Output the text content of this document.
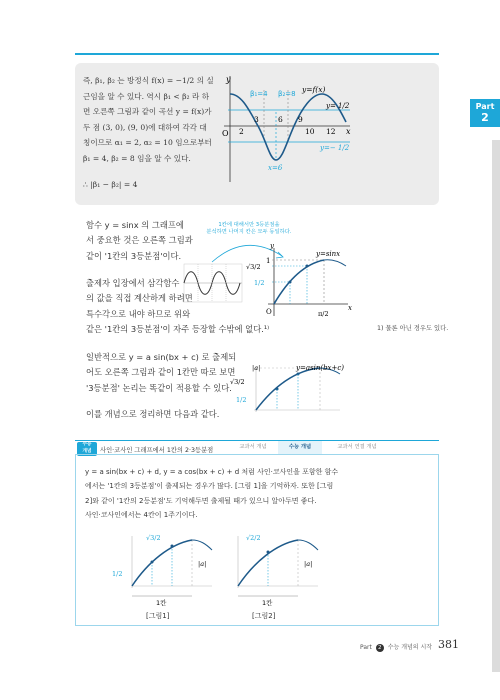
Part
2
즉, β₁, β₂ 는 방정식 f(x) = −1/2 의 실
근임을 알 수 있다. 역시 β₁ < β₂ 라 하
면 오른쪽 그림과 같이 곡선 y = f(x)가
두 점 (3, 0), (9, 0)에 대하여 각각 대
칭이므로 α₁ = 2, α₂ = 10 임으로부터
β₁ = 4, β₂ = 8 임을 알 수 있다.
∴ |β₁ − β₂| = 4
y
x
O
y=f(x)
β₁=4 β₂=8
y= 1/2
y=− 1/2
x=6
2
3	6 9
10 12
함수 y = sinx 의 그래프에
서 중요한 것은 오른쪽 그림과
같이 '1칸의 3등분점'이다.
출제자 입장에서 삼각함수
의 값을 직접 계산하게 하려면
특수각으로 내야 하므로 위와
같은 '1칸의 3등분점'이 자주 등장할 수밖에 없다.¹⁾	1) 물론 아닌 경우도 있다.
1칸에 대해서만 3등분점을
분석하면 나머지 칸은 모두 동일하다.
y
x
O
y=sinx
1
√3/2
1/2
π/2
일반적으로 y = a sin(bx + c) 로 출제되
어도 오른쪽 그림과 같이 1칸만 따로 보면
'3등분점' 논리는 똑같이 적용할 수 있다.
이를 개념으로 정리하면 다음과 같다.
y=asin(bx+c)
|a|
√3/2
1/2
수능
개념	사인·코사인 그래프에서 1칸의 2·3등분점	교과서 개념	수능 개념	교과서 연결 개념
y = a sin(bx + c) + d, y = a cos(bx + c) + d 처럼 사인·코사인을 포함한 함수
에서는 '1칸의 3등분점'이 출제되는 경우가 많다. [그림 1]을 기억하자. 또한 [그림
2]와 같이 '1칸의 2등분점'도 기억해두면 출제될 때가 있으니 알아두면 좋다.
사인·코사인에서는 4칸이 1주기이다.
1칸
√3/2
1/2
|a|
[그림1]
1칸
√2/2
|a|
[그림2]
Part 2 수능 개념의 시작 381
